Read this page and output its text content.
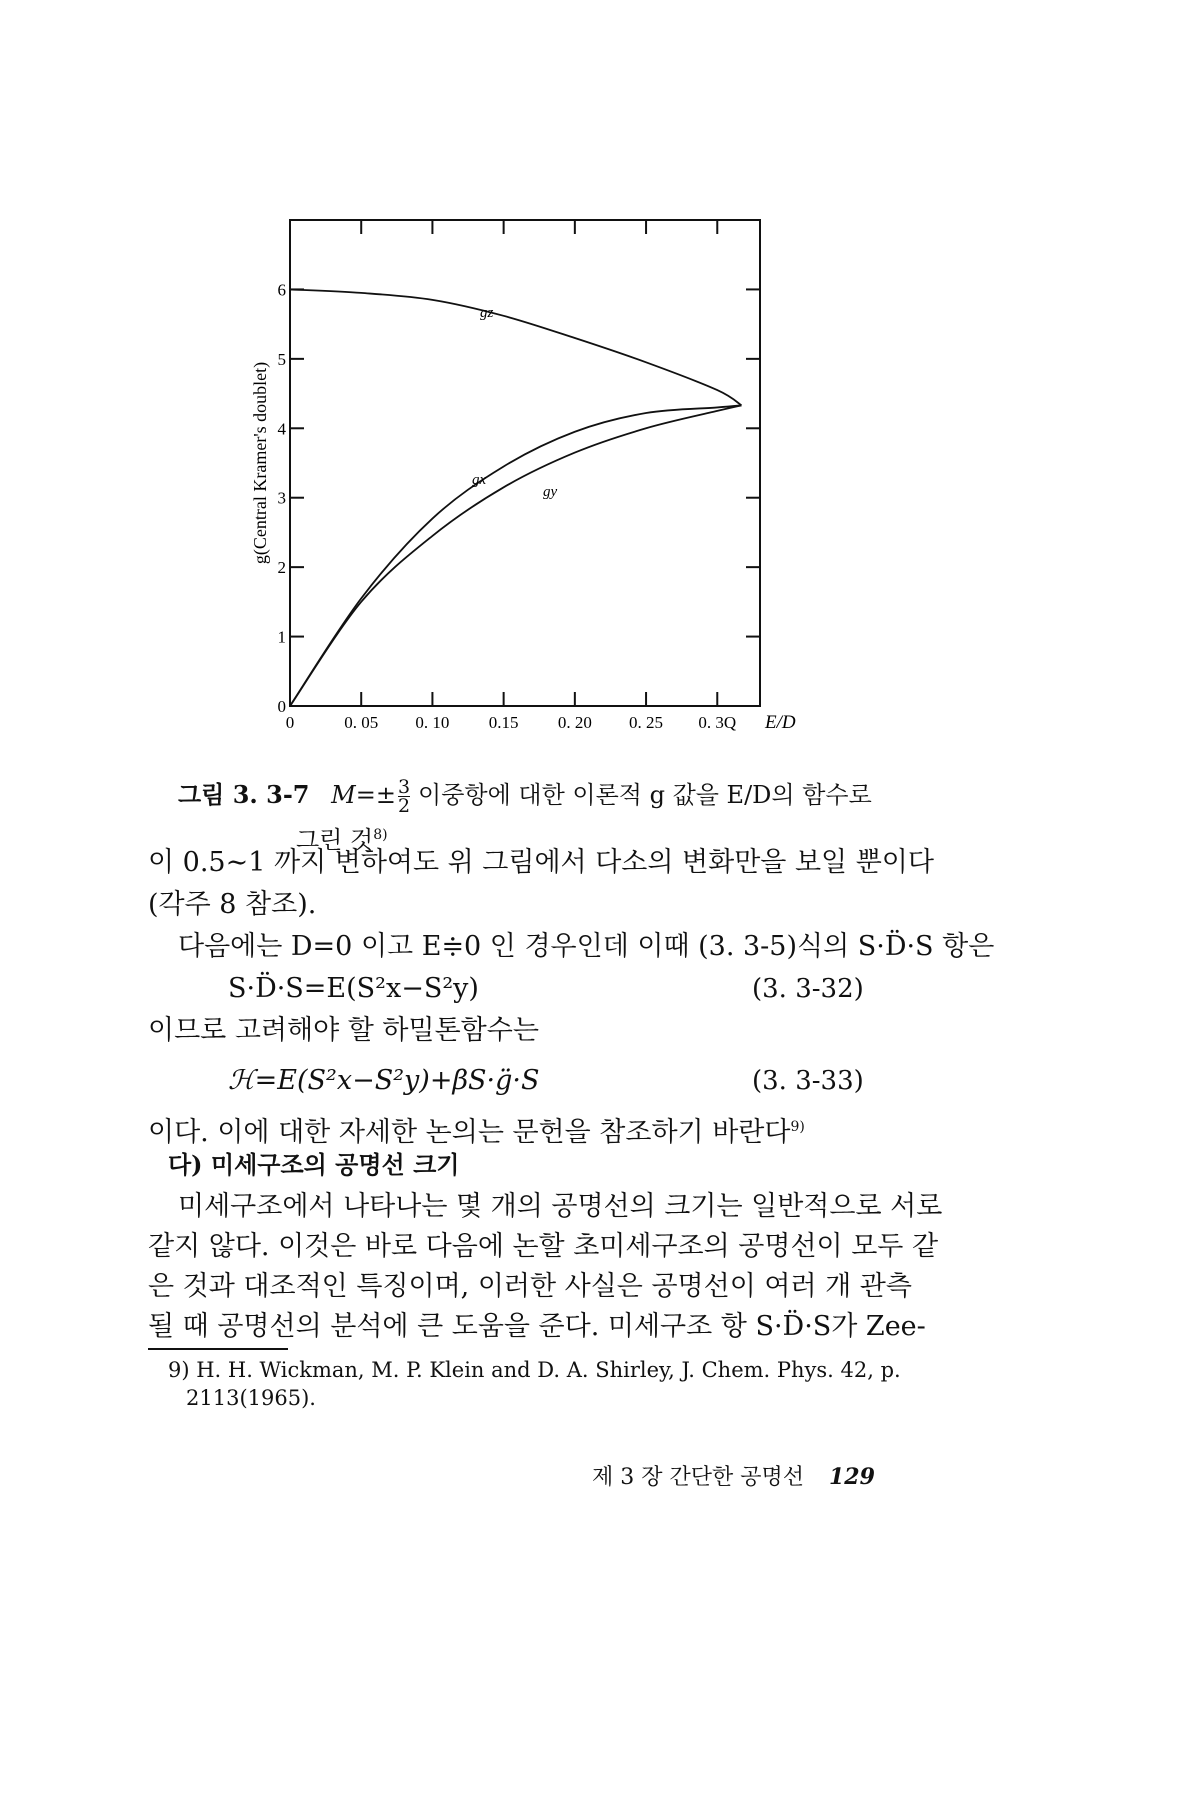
g(Central Kramer's doublet)
E/D
0	0. 05 0. 10 0.15 0. 20 0. 25 0. 3Q
0
1
2
3
4
5
6
gz
gx
gy
그림 3. 3-7 $M=\pm \frac{3}{2}$ 이중항에 대한 이론적 g 값을 E/D의 함수로
그린 것$^{8)}$
이 0.5∼1 까지 변하여도 위 그림에서 다소의 변화만을 보일 뿐이다
(각주 8 참조).
다음에는 D=0 이고 E≑0 인 경우인데 이때 (3. 3-5)식의 S·D̈·S 항은
S·D̈·S=E(S²x−S²y)	(3. 3-32)
이므로 고려해야 할 하밀톤함수는
ℋ=E(S²x−S²y)+βS·g̈·S	(3. 3-33)
이다. 이에 대한 자세한 논의는 문헌을 참조하기 바란다$^{9)}$
다) 미세구조의 공명선 크기
미세구조에서 나타나는 몇 개의 공명선의 크기는 일반적으로 서로
같지 않다. 이것은 바로 다음에 논할 초미세구조의 공명선이 모두 같
은 것과 대조적인 특징이며, 이러한 사실은 공명선이 여러 개 관측
될 때 공명선의 분석에 큰 도움을 준다. 미세구조 항 S·D̈·S가 Zee-
9) H. H. Wickman, M. P. Klein and D. A. Shirley, J. Chem. Phys. 42, p.
2113(1965).
제 3 장 간단한 공명선 129
